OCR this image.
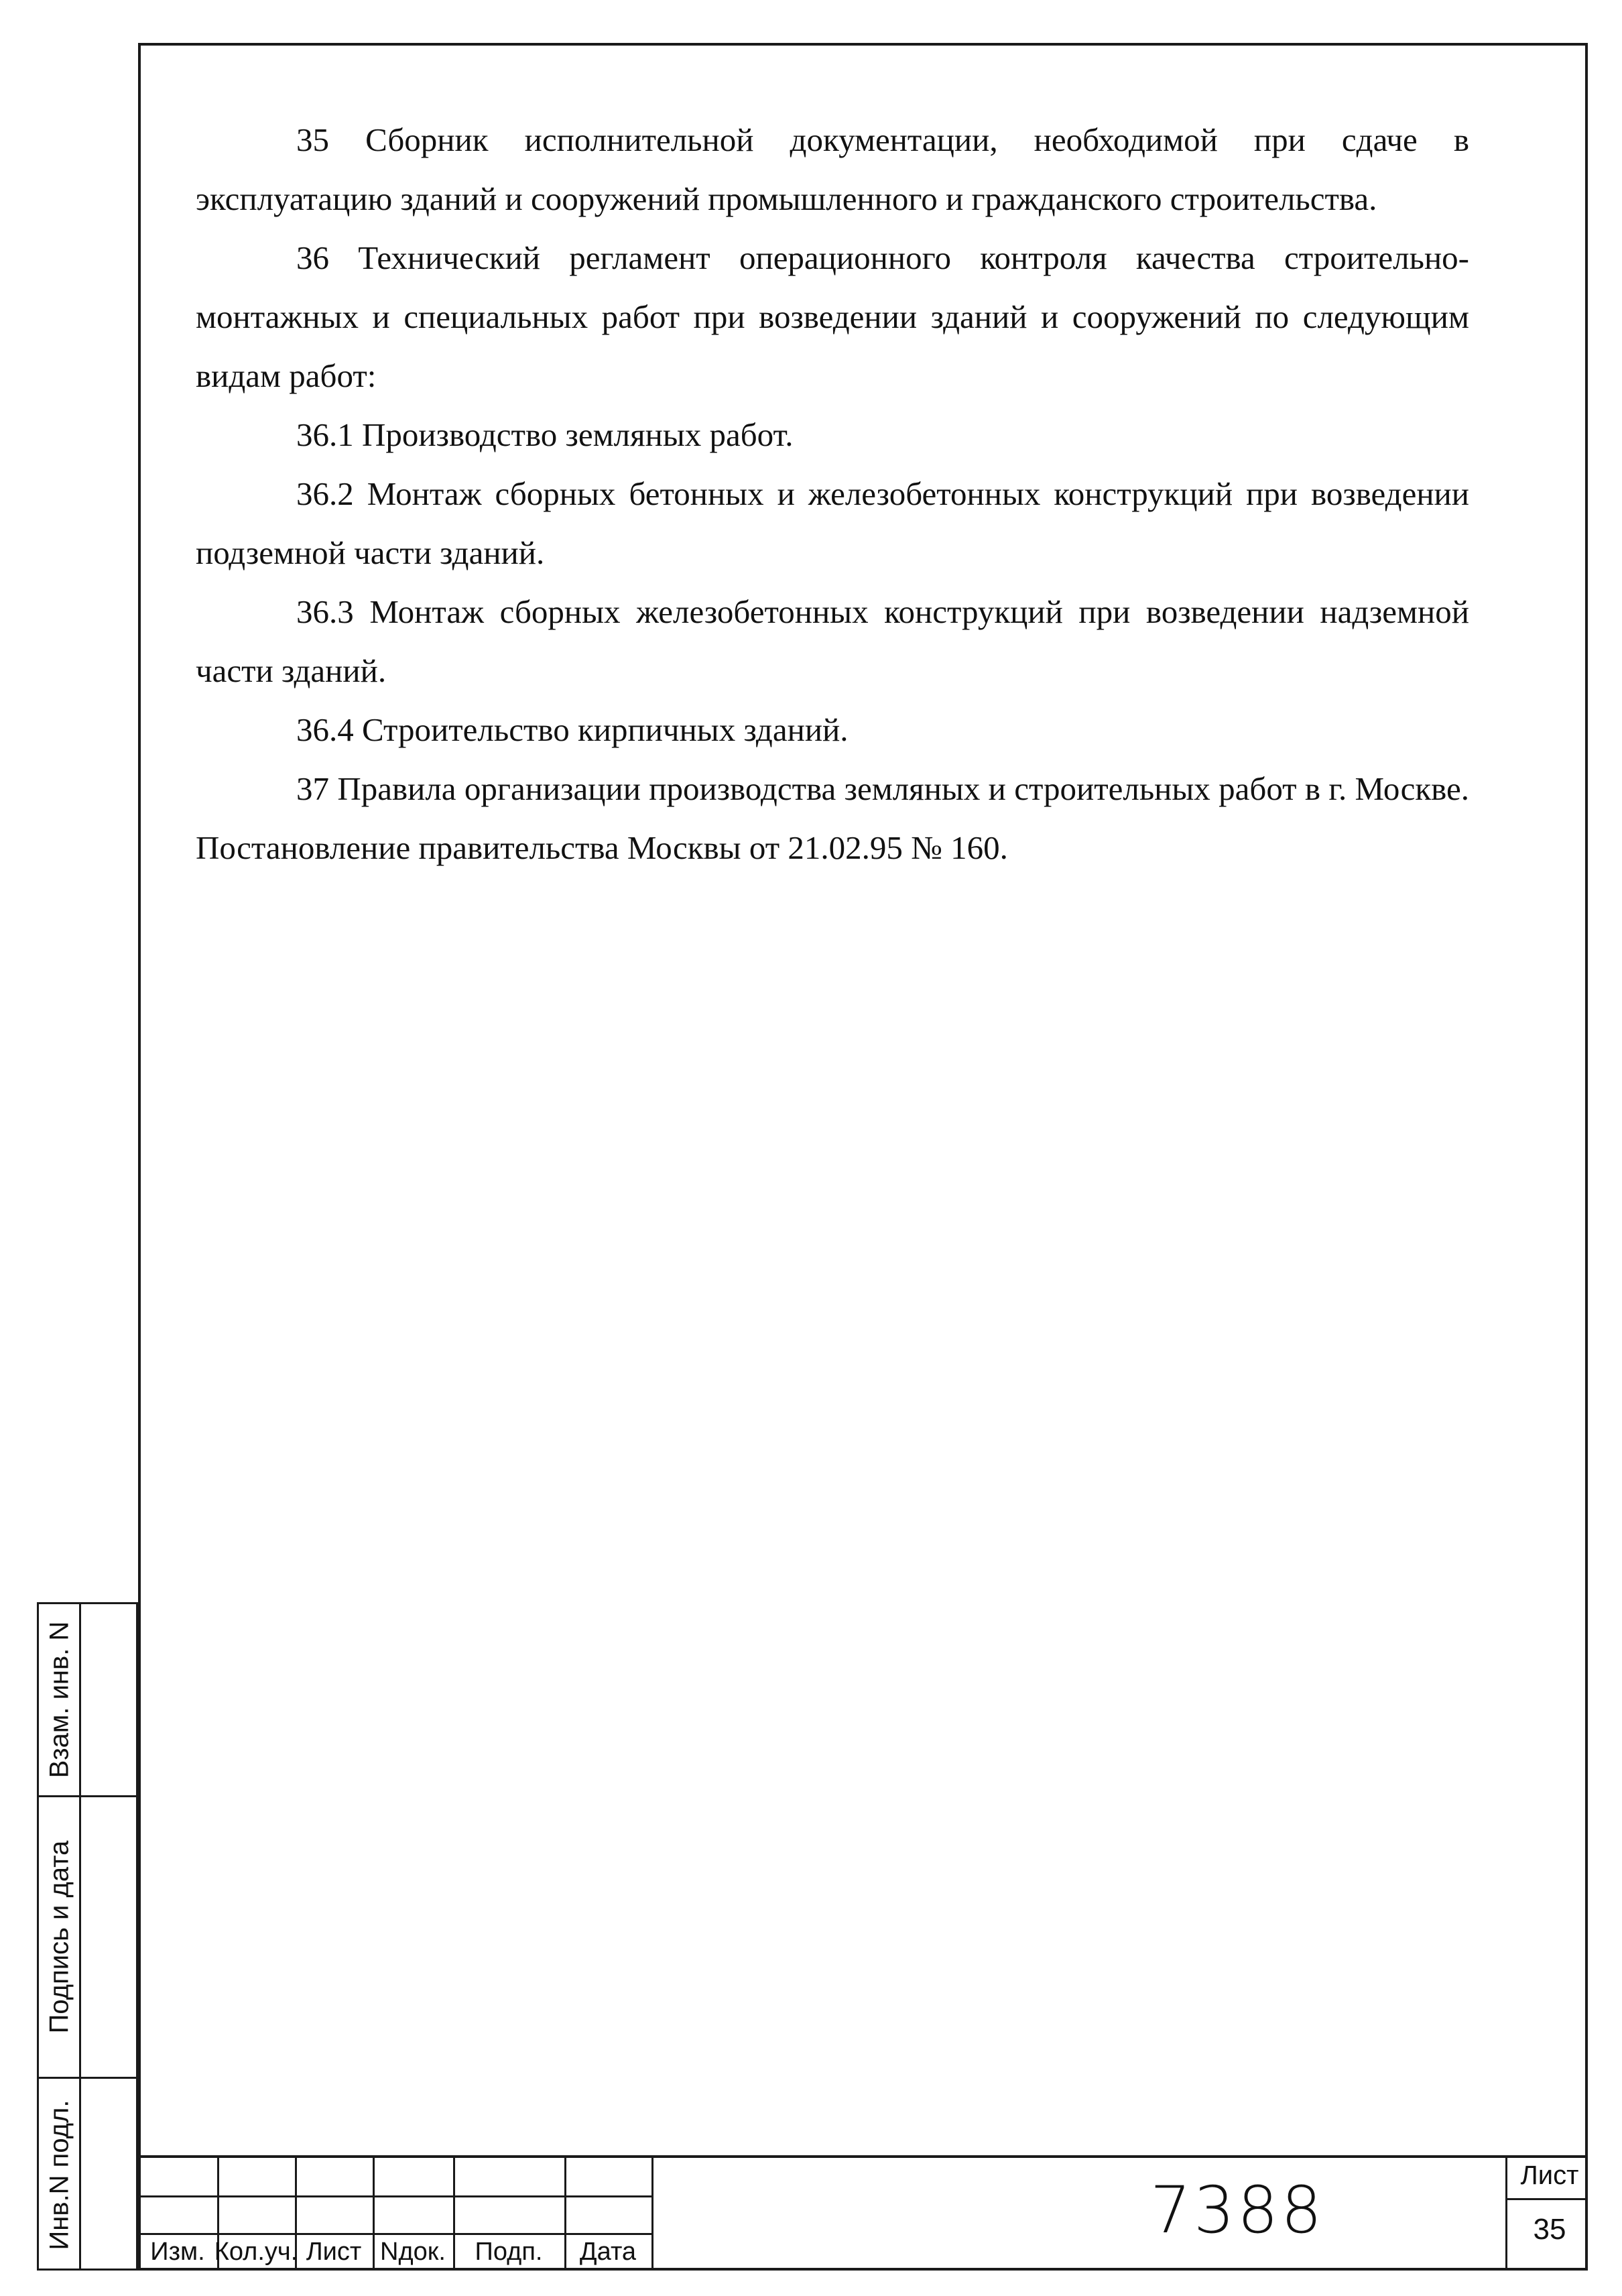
35 Сборник исполнительной документации, необходимой при сдаче в эксплуатацию зданий и сооружений промышленного и гражданского строительства.

36 Технический регламент операционного контроля качества строительно-монтажных и специальных работ при возведении зданий и сооружений по следующим видам работ:

36.1 Производство земляных работ.

36.2 Монтаж сборных бетонных и железобетонных конструкций при возведении подземной части зданий.

36.3 Монтаж сборных железобетонных конструкций при возведении надземной части зданий.

36.4 Строительство кирпичных зданий.

37 Правила организации производства земляных и строительных работ в г. Москве. Постановление правительства Москвы от 21.02.95 № 160.

Взам. инв. N
Подпись и дата
Инв.N подл.
Изм. Кол.уч. Лист Nдок.	Подп.	Дата
7388	Лист
35
